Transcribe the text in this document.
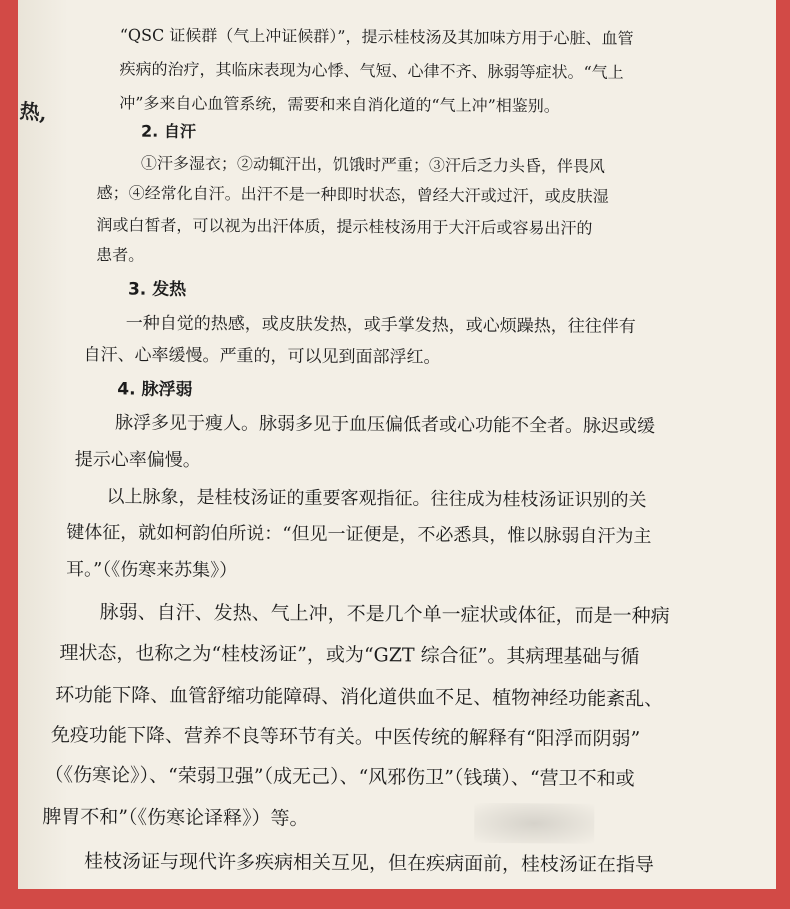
热,
“QSC 证候群（气上冲证候群）”，提示桂枝汤及其加味方用于心脏、血管
疾病的治疗，其临床表现为心悸、气短、心律不齐、脉弱等症状。“气上
冲”多来自心血管系统，需要和来自消化道的“气上冲”相鉴别。
2. 自汗
①汗多湿衣；②动辄汗出，饥饿时严重；③汗后乏力头昏，伴畏风
感；④经常化自汗。出汗不是一种即时状态，曾经大汗或过汗，或皮肤湿
润或白皙者，可以视为出汗体质，提示桂枝汤用于大汗后或容易出汗的
患者。
3. 发热
一种自觉的热感，或皮肤发热，或手掌发热，或心烦躁热，往往伴有
自汗、心率缓慢。严重的，可以见到面部浮红。
4. 脉浮弱
脉浮多见于瘦人。脉弱多见于血压偏低者或心功能不全者。脉迟或缓
提示心率偏慢。
以上脉象，是桂枝汤证的重要客观指征。往往成为桂枝汤证识别的关
键体征，就如柯韵伯所说：“但见一证便是，不必悉具，惟以脉弱自汗为主
耳。”（《伤寒来苏集》）
脉弱、自汗、发热、气上冲，不是几个单一症状或体征，而是一种病
理状态，也称之为“桂枝汤证”，或为“GZT 综合征”。其病理基础与循
环功能下降、血管舒缩功能障碍、消化道供血不足、植物神经功能紊乱、
免疫功能下降、营养不良等环节有关。中医传统的解释有“阳浮而阴弱”
（《伤寒论》）、“荣弱卫强”（成无己）、“风邪伤卫”（钱璜）、“营卫不和或
脾胃不和”（《伤寒论译释》）等。
桂枝汤证与现代许多疾病相关互见，但在疾病面前，桂枝汤证在指导
